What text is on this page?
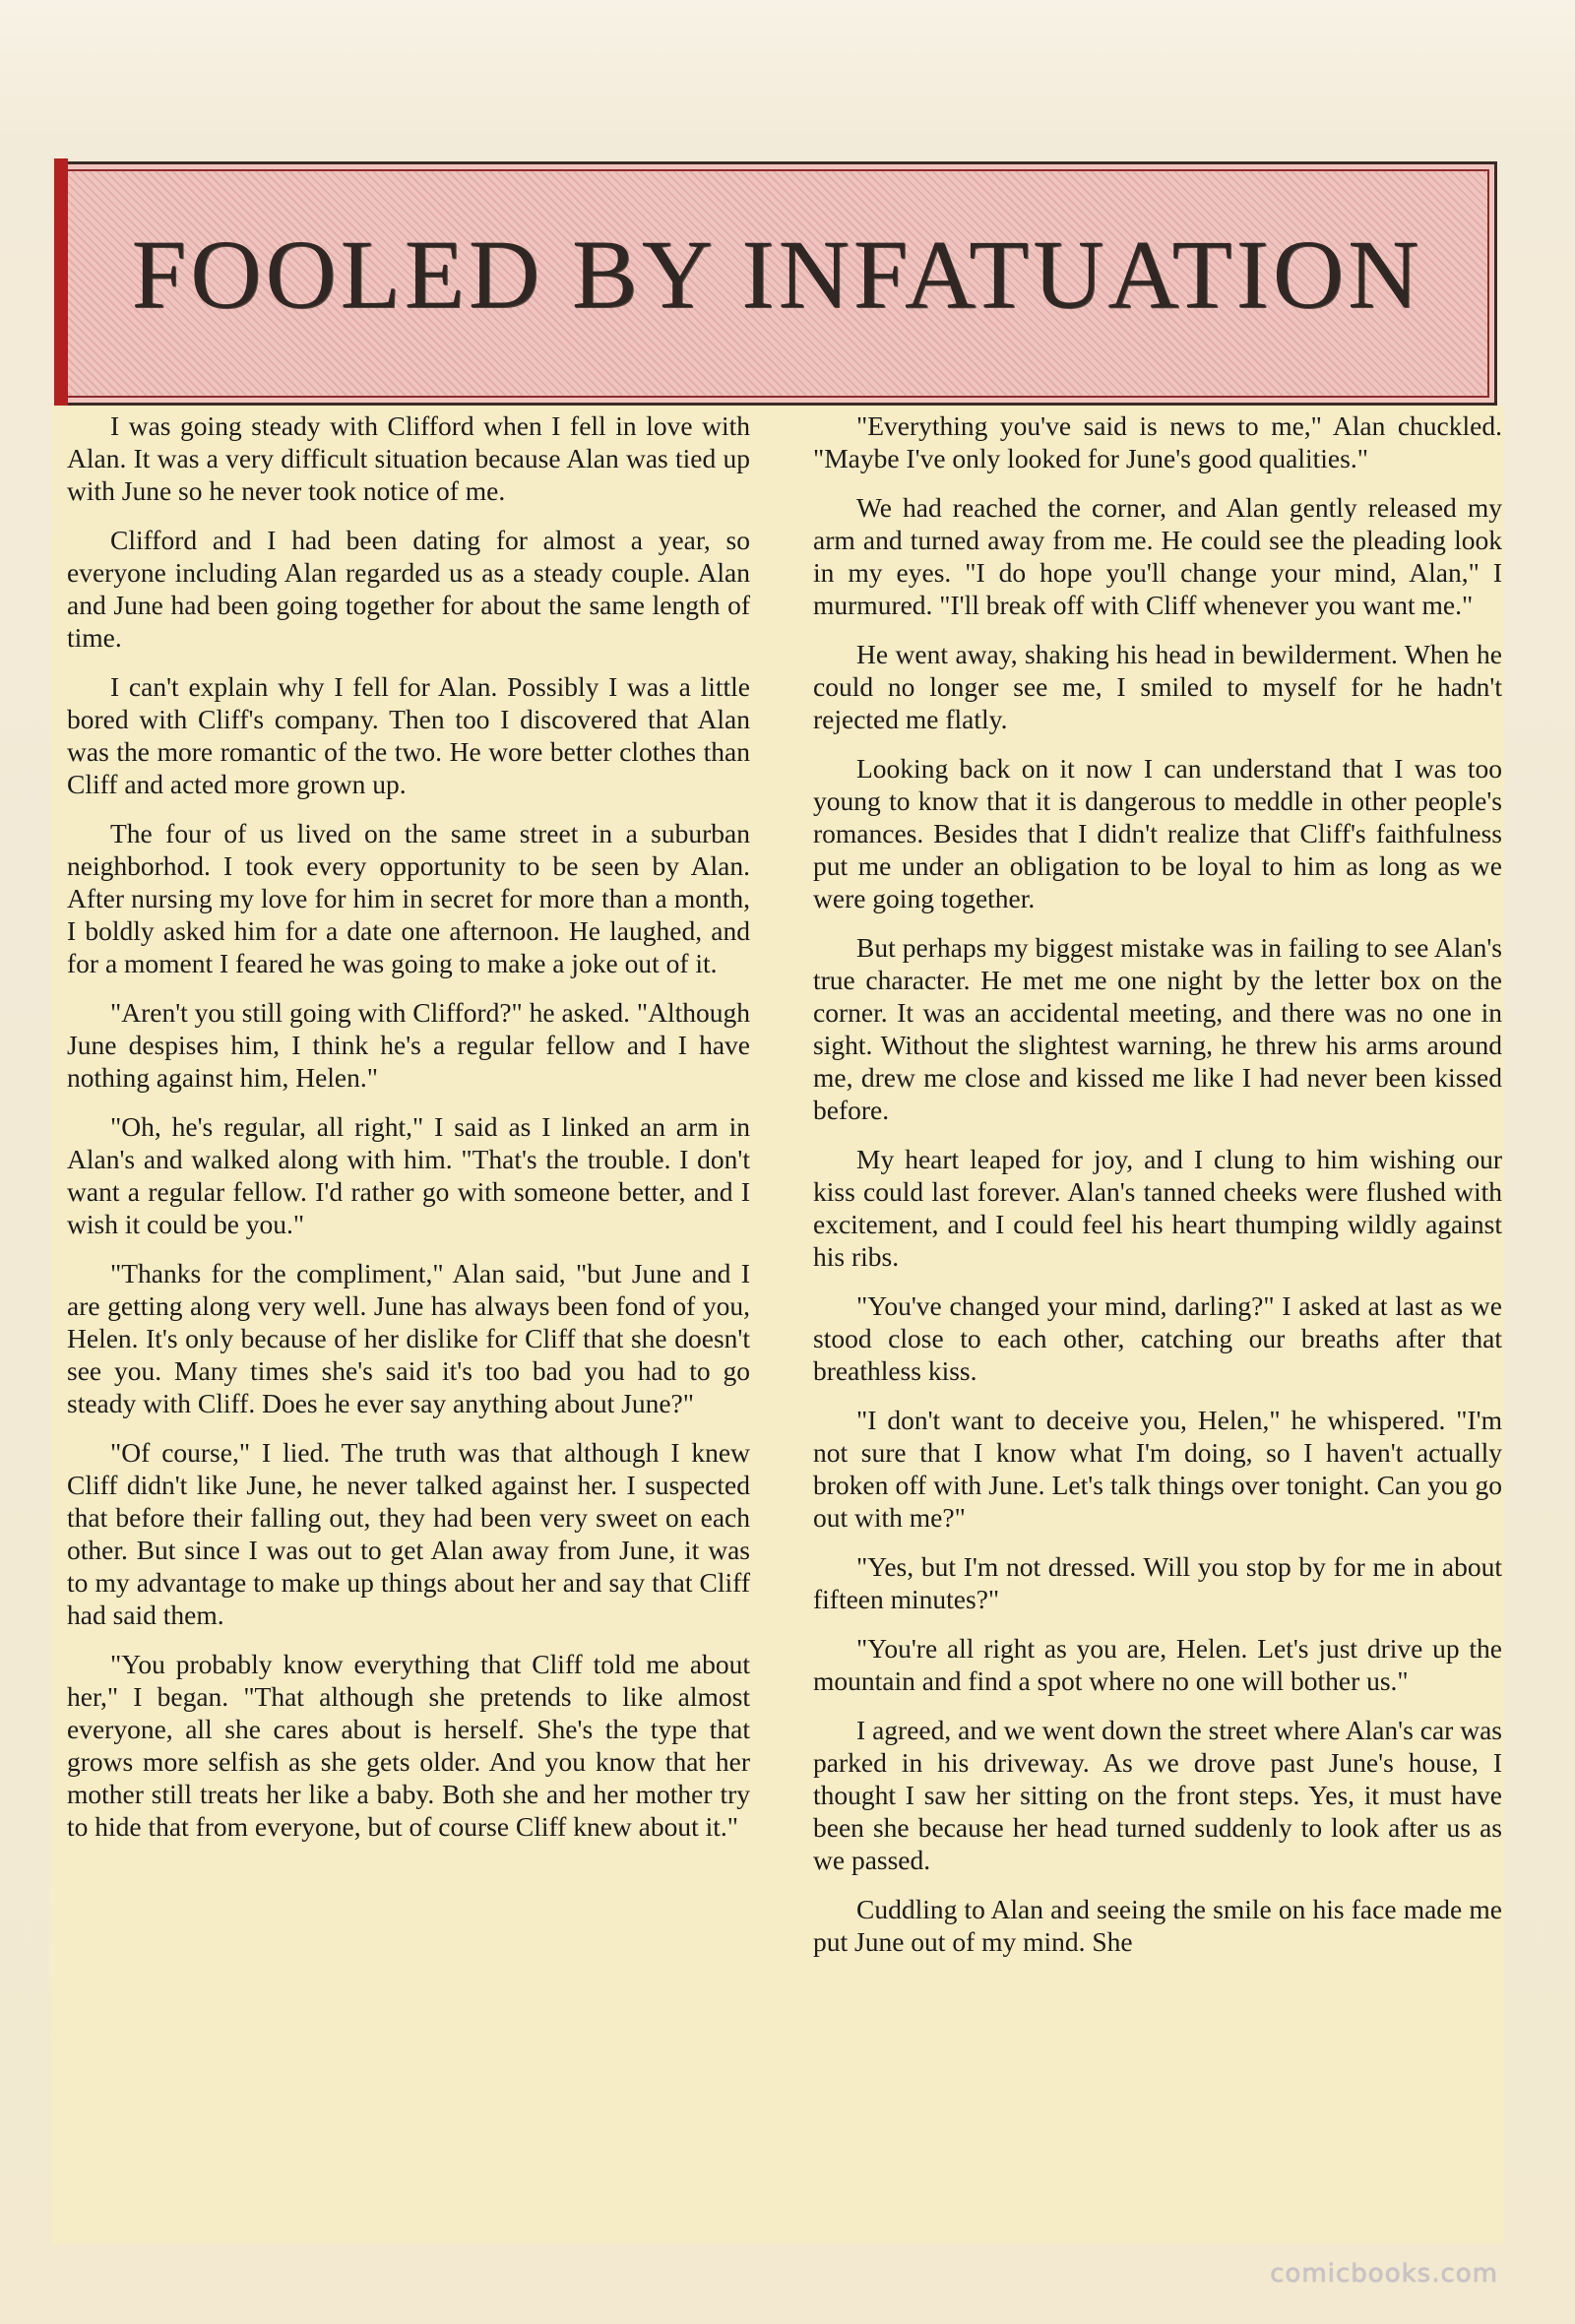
FOOLED BY INFATUATION

I was going steady with Clifford when I fell in love with Alan. It was a very difficult situation because Alan was tied up with June so he never took notice of me.

Clifford and I had been dating for almost a year, so everyone including Alan regarded us as a steady couple. Alan and June had been going together for about the same length of time.

I can't explain why I fell for Alan. Possibly I was a little bored with Cliff's company. Then too I discovered that Alan was the more romantic of the two. He wore better clothes than Cliff and acted more grown up.

The four of us lived on the same street in a suburban neighborhod. I took every opportunity to be seen by Alan. After nursing my love for him in secret for more than a month, I boldly asked him for a date one afternoon. He laughed, and for a moment I feared he was going to make a joke out of it.

"Aren't you still going with Clifford?" he asked. "Although June despises him, I think he's a regular fellow and I have nothing against him, Helen."

"Oh, he's regular, all right," I said as I linked an arm in Alan's and walked along with him. "That's the trouble. I don't want a regular fellow. I'd rather go with someone better, and I wish it could be you."

"Thanks for the compliment," Alan said, "but June and I are getting along very well. June has always been fond of you, Helen. It's only because of her dislike for Cliff that she doesn't see you. Many times she's said it's too bad you had to go steady with Cliff. Does he ever say anything about June?"

"Of course," I lied. The truth was that although I knew Cliff didn't like June, he never talked against her. I suspected that before their falling out, they had been very sweet on each other. But since I was out to get Alan away from June, it was to my advantage to make up things about her and say that Cliff had said them.

"You probably know everything that Cliff told me about her," I began. "That although she pretends to like almost everyone, all she cares about is herself. She's the type that grows more selfish as she gets older. And you know that her mother still treats her like a baby. Both she and her mother try to hide that from everyone, but of course Cliff knew about it."

"Everything you've said is news to me," Alan chuckled. "Maybe I've only looked for June's good qualities."

We had reached the corner, and Alan gently released my arm and turned away from me. He could see the pleading look in my eyes. "I do hope you'll change your mind, Alan," I murmured. "I'll break off with Cliff whenever you want me."

He went away, shaking his head in bewilderment. When he could no longer see me, I smiled to myself for he hadn't rejected me flatly.

Looking back on it now I can understand that I was too young to know that it is dangerous to meddle in other people's romances. Besides that I didn't realize that Cliff's faithfulness put me under an obligation to be loyal to him as long as we were going together.

But perhaps my biggest mistake was in failing to see Alan's true character. He met me one night by the letter box on the corner. It was an accidental meeting, and there was no one in sight. Without the slightest warning, he threw his arms around me, drew me close and kissed me like I had never been kissed before.

My heart leaped for joy, and I clung to him wishing our kiss could last forever. Alan's tanned cheeks were flushed with excitement, and I could feel his heart thumping wildly against his ribs.

"You've changed your mind, darling?" I asked at last as we stood close to each other, catching our breaths after that breathless kiss.

"I don't want to deceive you, Helen," he whispered. "I'm not sure that I know what I'm doing, so I haven't actually broken off with June. Let's talk things over tonight. Can you go out with me?"

"Yes, but I'm not dressed. Will you stop by for me in about fifteen minutes?"

"You're all right as you are, Helen. Let's just drive up the mountain and find a spot where no one will bother us."

I agreed, and we went down the street where Alan's car was parked in his driveway. As we drove past June's house, I thought I saw her sitting on the front steps. Yes, it must have been she because her head turned suddenly to look after us as we passed.

Cuddling to Alan and seeing the smile on his face made me put June out of my mind. She

comicbooks.com
